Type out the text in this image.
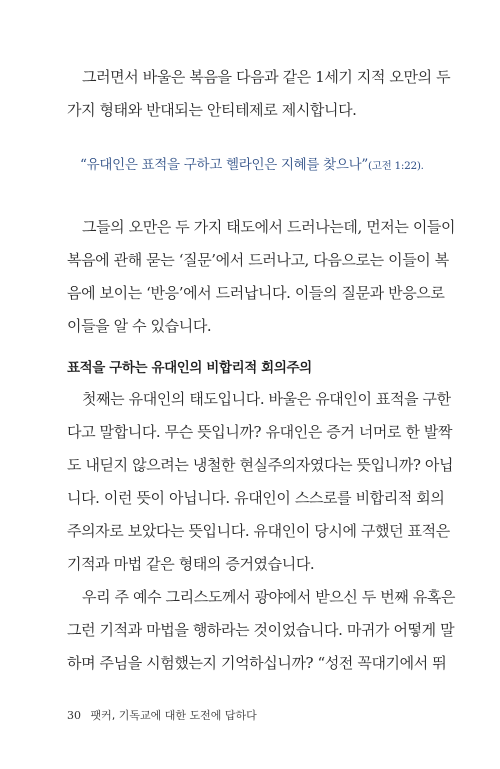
그러면서 바울은 복음을 다음과 같은 1세기 지적 오만의 두
가지 형태와 반대되는 안티테제로 제시합니다.

“유대인은 표적을 구하고 헬라인은 지혜를 찾으나”(고전 1:22).

그들의 오만은 두 가지 태도에서 드러나는데, 먼저는 이들이
복음에 관해 묻는 ‘질문’에서 드러나고, 다음으로는 이들이 복
음에 보이는 ‘반응’에서 드러납니다. 이들의 질문과 반응으로
이들을 알 수 있습니다.

표적을 구하는 유대인의 비합리적 회의주의

첫째는 유대인의 태도입니다. 바울은 유대인이 표적을 구한
다고 말합니다. 무슨 뜻입니까? 유대인은 증거 너머로 한 발짝
도 내딛지 않으려는 냉철한 현실주의자였다는 뜻입니까? 아닙
니다. 이런 뜻이 아닙니다. 유대인이 스스로를 비합리적 회의
주의자로 보았다는 뜻입니다. 유대인이 당시에 구했던 표적은
기적과 마법 같은 형태의 증거였습니다.

우리 주 예수 그리스도께서 광야에서 받으신 두 번째 유혹은
그런 기적과 마법을 행하라는 것이었습니다. 마귀가 어떻게 말
하며 주님을 시험했는지 기억하십니까? “성전 꼭대기에서 뛰

30 팻커, 기독교에 대한 도전에 답하다
